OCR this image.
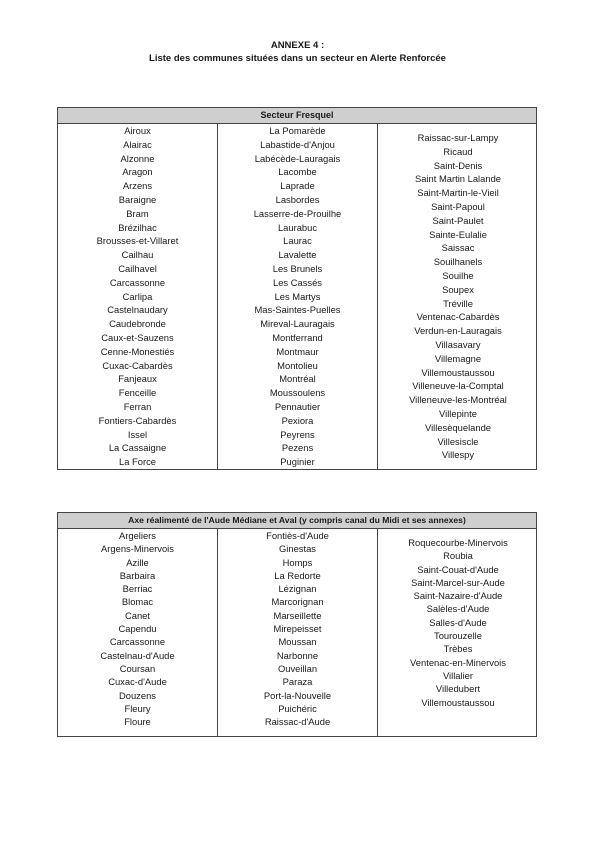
ANNEXE 4 :
Liste des communes situées dans un secteur en Alerte Renforcée
Secteur Fresquel
Airoux
Alairac
Alzonne
Aragon
Arzens
Baraigne
Bram
Brézilhac
Brousses-et-Villaret
Cailhau
Cailhavel
Carcassonne
Carlipa
Castelnaudary
Caudebronde
Caux-et-Sauzens
Cenne-Monestiés
Cuxac-Cabardès
Fanjeaux
Fenceille
Ferran
Fontiers-Cabardès
Issel
La Cassaigne
La Force
La Pomarède
Labastide-d'Anjou
Labécède-Lauragais
Lacombe
Laprade
Lasbordes
Lasserre-de-Prouilhe
Laurabuc
Laurac
Lavalette
Les Brunels
Les Cassés
Les Martys
Mas-Saintes-Puelles
Mireval-Lauragais
Montferrand
Montmaur
Montolieu
Montréal
Moussoulens
Pennautier
Pexiora
Peyrens
Pezens
Puginier
Raissac-sur-Lampy
Ricaud
Saint-Denis
Saint Martin Lalande
Saint-Martin-le-Vieil
Saint-Papoul
Saint-Paulet
Sainte-Eulalie
Saissac
Souilhanels
Souilhe
Soupex
Tréville
Ventenac-Cabardès
Verdun-en-Lauragais
Villasavary
Villemagne
Villemoustaussou
Villeneuve-la-Comptal
Villeneuve-les-Montréal
Villepinte
Villesèquelande
Villesiscle
Villespy
Axe réalimenté de l'Aude Médiane et Aval (y compris canal du Midi et ses annexes)
Argeliers
Argens-Minervois
Azille
Barbaira
Berriac
Blomac
Canet
Capendu
Carcassonne
Castelnau-d'Aude
Coursan
Cuxac-d'Aude
Douzens
Fleury
Floure
Fontiès-d'Aude
Ginestas
Homps
La Redorte
Lézignan
Marcorignan
Marseillette
Mirepeisset
Moussan
Narbonne
Ouveillan
Paraza
Port-la-Nouvelle
Puichéric
Raissac-d'Aude
Roquecourbe-Minervois
Roubia
Saint-Couat-d'Aude
Saint-Marcel-sur-Aude
Saint-Nazaire-d'Aude
Salèles-d'Aude
Salles-d'Aude
Tourouzelle
Trèbes
Ventenac-en-Minervois
Villalier
Villedubert
Villemoustaussou
